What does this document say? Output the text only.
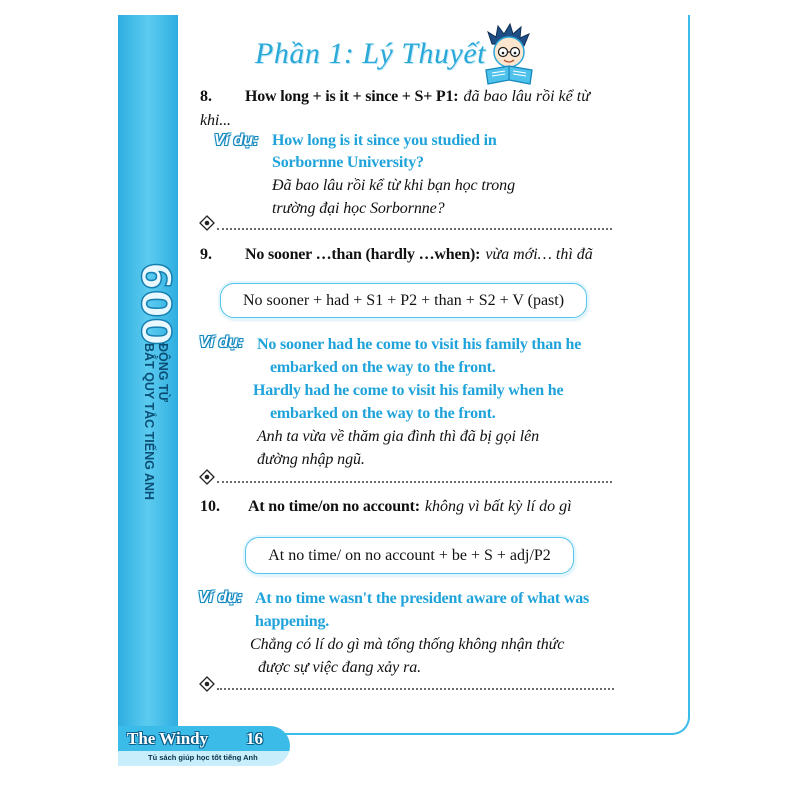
600
ĐỘNG TỪ
BẤT QUY TẮC TIẾNG ANH
Phần 1: Lý Thuyết
8. How long + is it + since + S+ P1: đã bao lâu rồi kể từ
khi...
Ví dụ: How long is it since you studied in
Sorbornne University?
Đã bao lâu rồi kể từ khi bạn học trong
trường đại học Sorbornne?
9. No sooner …than (hardly …when): vừa mới… thì đã
No sooner + had + S1 + P2 + than + S2 + V (past)
Ví dụ: No sooner had he come to visit his family than he
embarked on the way to the front.
Hardly had he come to visit his family when he
embarked on the way to the front.
Anh ta vừa về thăm gia đình thì đã bị gọi lên
đường nhập ngũ.
10. At no time/on no account: không vì bất kỳ lí do gì
At no time/ on no account + be + S + adj/P2
Ví dụ: At no time wasn't the president aware of what was
happening.
Chẳng có lí do gì mà tổng thống không nhận thức
được sự việc đang xảy ra.
The Windy 16
Tủ sách giúp học tốt tiếng Anh
